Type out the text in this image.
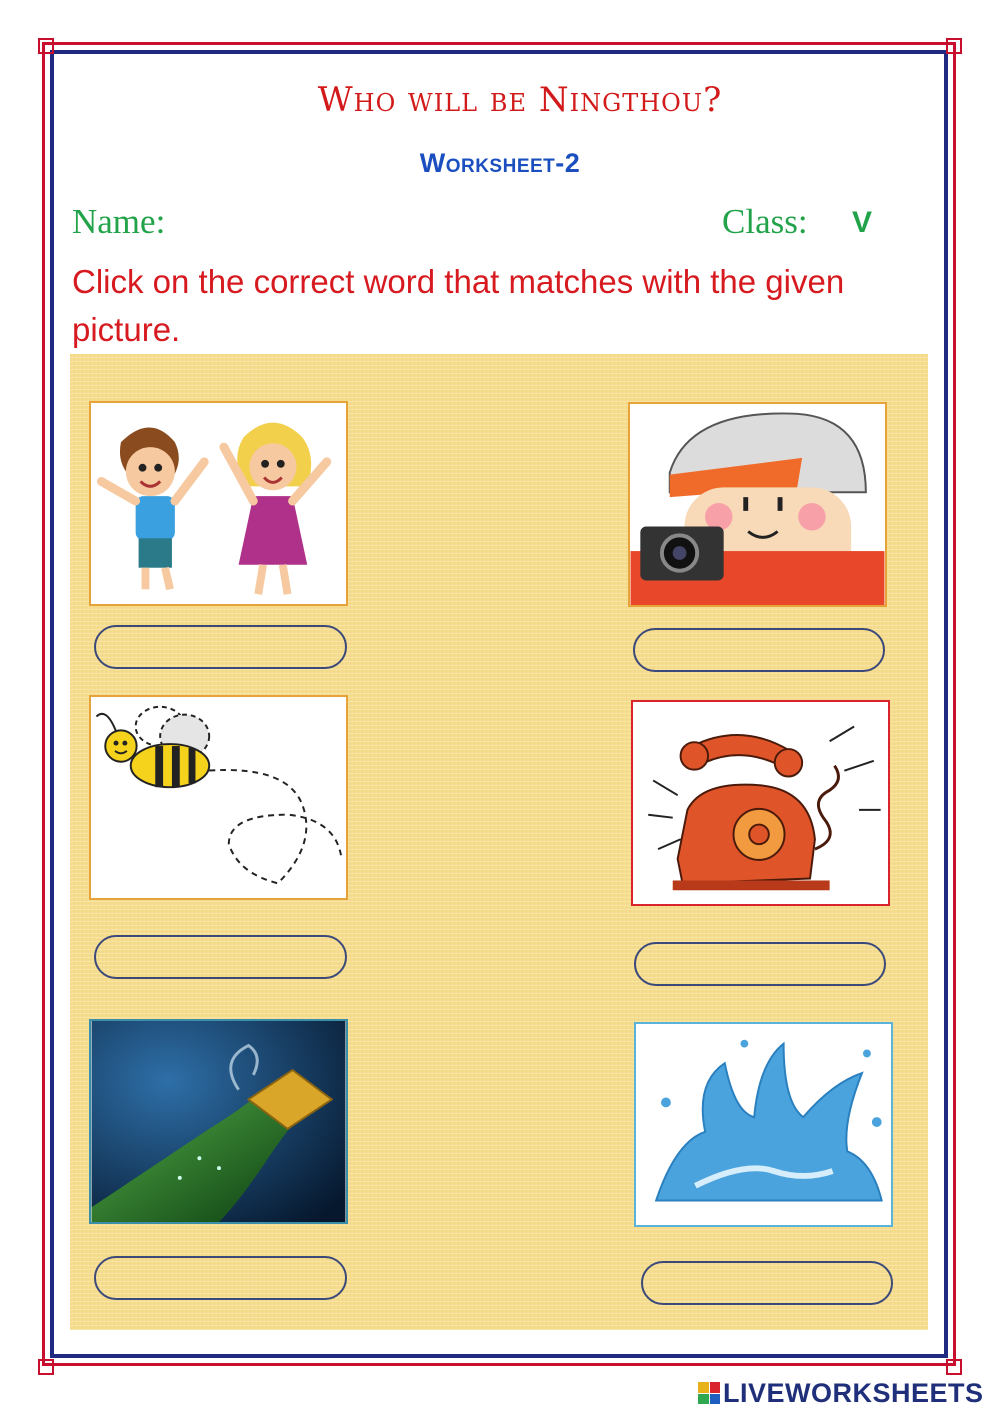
Who will be Ningthou?
Worksheet-2
Name:	Class: V
Click on the correct word that matches with the given picture.
LIVEWORKSHEETS
